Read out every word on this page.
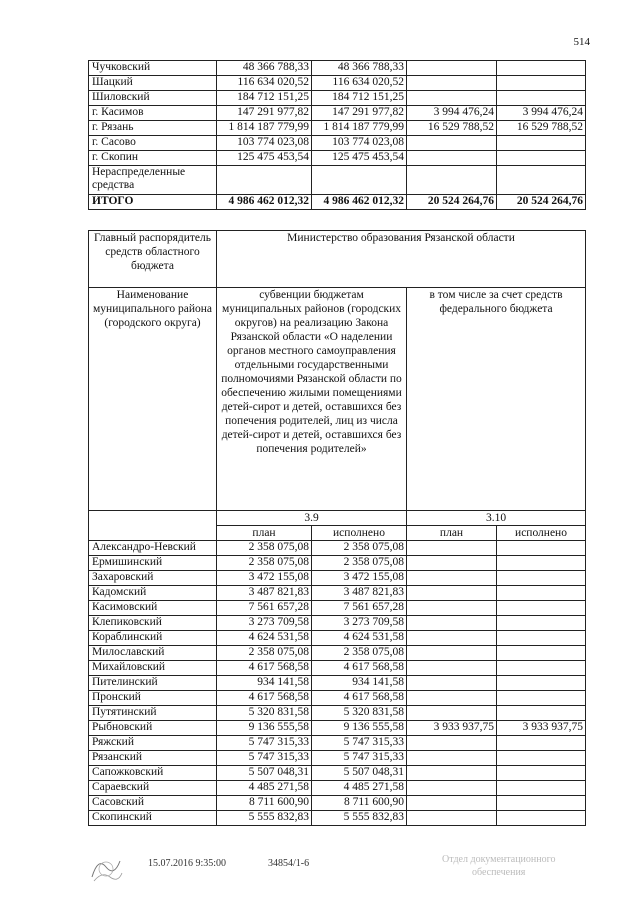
514
Чучковский	48 366 788,33	48 366 788,33		
Шацкий	116 634 020,52	116 634 020,52		
Шиловский	184 712 151,25	184 712 151,25		
г. Касимов	147 291 977,82	147 291 977,82	3 994 476,24	3 994 476,24
г. Рязань	1 814 187 779,99	1 814 187 779,99	16 529 788,52	16 529 788,52
г. Сасово	103 774 023,08	103 774 023,08		
г. Скопин	125 475 453,54	125 475 453,54		
Нераспределенные
средства				
ИТОГО	4 986 462 012,32	4 986 462 012,32	20 524 264,76	20 524 264,76
Главный распорядитель средств областного бюджета	Министерство образования Рязанской области			
Наименование муниципального района (городского округа)	субвенции бюджетам муниципальных районов (городских округов) на реализацию Закона Рязанской области «О наделении органов местного самоуправления отдельными государственными полномочиями Рязанской области по обеспечению жилыми помещениями детей-сирот и детей, оставшихся без попечения родителей, лиц из числа детей-сирот и детей, оставшихся без попечения родителей»		в том числе за счет средств федерального бюджета	
	3.9		3.10	
	план	исполнено	план	исполнено
Александро-Невский	2 358 075,08	2 358 075,08		
Ермишинский	2 358 075,08	2 358 075,08		
Захаровский	3 472 155,08	3 472 155,08		
Кадомский	3 487 821,83	3 487 821,83		
Касимовский	7 561 657,28	7 561 657,28		
Клепиковский	3 273 709,58	3 273 709,58		
Кораблинский	4 624 531,58	4 624 531,58		
Милославский	2 358 075,08	2 358 075,08		
Михайловский	4 617 568,58	4 617 568,58		
Пителинский	934 141,58	934 141,58		
Пронский	4 617 568,58	4 617 568,58		
Путятинский	5 320 831,58	5 320 831,58		
Рыбновский	9 136 555,58	9 136 555,58	3 933 937,75	3 933 937,75
Ряжский	5 747 315,33	5 747 315,33		
Рязанский	5 747 315,33	5 747 315,33		
Сапожковский	5 507 048,31	5 507 048,31		
Сараевский	4 485 271,58	4 485 271,58		
Сасовский	8 711 600,90	8 711 600,90		
Скопинский	5 555 832,83	5 555 832,83		
15.07.2016 9:35:00	34854/1-6	Отдел документационного
обеспечения
